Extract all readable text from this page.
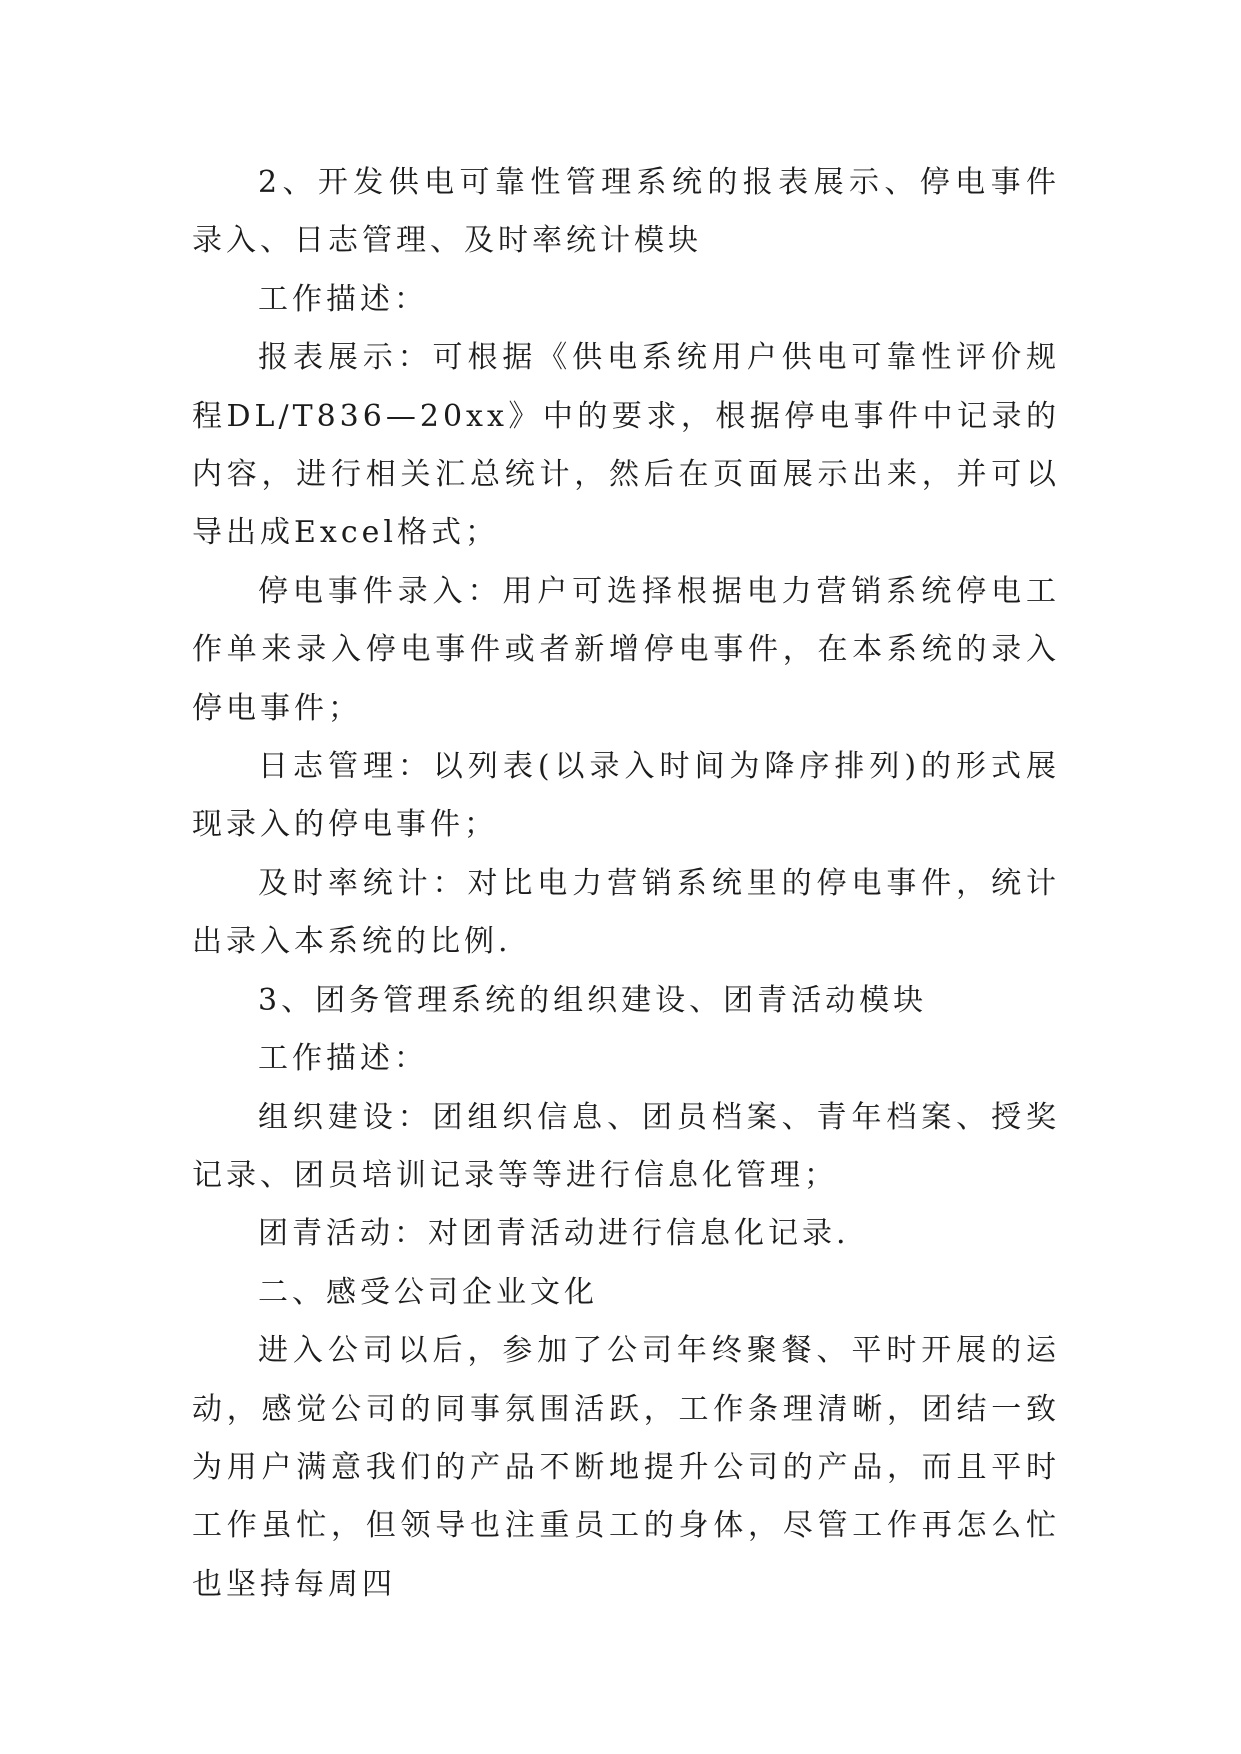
2、开发供电可靠性管理系统的报表展示、停电事件录入、日志管理、及时率统计模块

工作描述：

报表展示：可根据《供电系统用户供电可靠性评价规程DL/T836—20xx》中的要求，根据停电事件中记录的内容，进行相关汇总统计，然后在页面展示出来，并可以导出成Excel格式；

停电事件录入：用户可选择根据电力营销系统停电工作单来录入停电事件或者新增停电事件，在本系统的录入停电事件；

日志管理：以列表(以录入时间为降序排列)的形式展现录入的停电事件；

及时率统计：对比电力营销系统里的停电事件，统计出录入本系统的比例.

3、团务管理系统的组织建设、团青活动模块

工作描述：

组织建设：团组织信息、团员档案、青年档案、授奖记录、团员培训记录等等进行信息化管理；

团青活动：对团青活动进行信息化记录.

二、感受公司企业文化

进入公司以后，参加了公司年终聚餐、平时开展的运动，感觉公司的同事氛围活跃，工作条理清晰，团结一致为用户满意我们的产品不断地提升公司的产品，而且平时工作虽忙，但领导也注重员工的身体，尽管工作再怎么忙也坚持每周四
